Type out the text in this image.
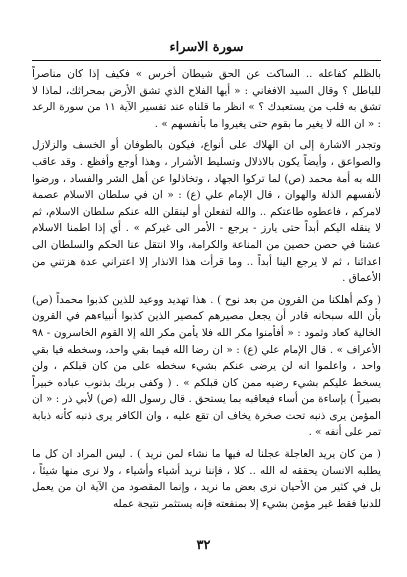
سورة الاسراء

بالظلم كفاعله .. الساكت عن الحق شيطان أخرس » فكيف إذا كان مناصراً للباطل ؟ وقال السيد الافغاني : « أيها الفلاح الذي تشق الأرض بمحراثك، لماذا لا تشق به قلب من يستعبدك ؟ » انظر ما قلناه عند تفسير الآية ١١ من سورة الرعد : « ان الله لا يغير ما بقوم حتى يغيروا ما بأنفسهم » .

وتجدر الاشارة إلى ان الهلاك على أنواع، فيكون بالطوفان أو الخسف والزلازل والصواعق ، وأيضاً يكون بالاذلال وتسليط الأشرار ، وهذا أوجع وأفظع . وقد عاقب الله به أمة محمد (ص) لما تركوا الجهاد ، وتخاذلوا عن أهل الشر والفساد ، ورضوا لأنفسهم الذلة والهوان ، قال الإمام علي (ع) : « ان في سلطان الاسلام عصمة لامركم ، فاعطوه طاعتكم .. والله لتفعلن أو لينقلن الله عنكم سلطان الاسلام، ثم لا ينقله اليكم أبداً حتى يارز - يرجع - الأمر الى غيركم » . أي إذا اطمنا الاسلام عشنا في حصن حصين من المناعة والكرامة، والا انتقل عنا الحكم والسلطان الى اعدائنا ، ثم لا يرجع الينا أبداً .. وما قرأت هذا الانذار إلا اعتراني عدة هزتني من الأعماق .

( وكم أهلكنا من القرون من بعد نوح ) . هذا تهديد ووعيد للذين كذبوا محمداً (ص) بأن الله سبحانه قادر أن يجعل مصيرهم كمصير الذين كذبوا أنبياءهم في القرون الخالية كعاد وثمود : « أفأمنوا مكر الله فلا يأمن مكر الله إلا القوم الخاسرون - ٩٨ الأعراف » . قال الإمام علي (ع) : « ان رضا الله فيما بقي واحد، وسخطه فيا بقي واحد ، واعلموا انه لن يرضى عنكم بشيء سخطه على من كان قبلكم ، ولن يسخط عليكم بشيء رضيه ممن كان قبلكم » . ( وكفى بربك بذنوب عباده خبيراً بصيراً ) بإساءة من أساء فيعاقبه بما يستحق . قال رسول الله (ص) لأبي ذر : « ان المؤمن يرى ذنبه تحت صخرة يخاف ان تقع عليه ، وان الكافر يرى ذنبه كأنه ذبابة تمر على أنفه » .

( من كان يريد العاجلة عجلنا له فيها ما نشاء لمن نريد ) . ليس المراد ان كل ما يطلبه الانسان يحققه له الله .. كلا ، فإننا نريد أشياء وأشياء ، ولا نرى منها شيئاً ، بل في كثير من الأحيان نرى بعض ما نريد ، وإنما المقصود من الآية ان من يعمل للدنيا فقط غير مؤمن بشيء إلا بمنفعته فإنه يستثمر نتيجة عمله

٣٢
